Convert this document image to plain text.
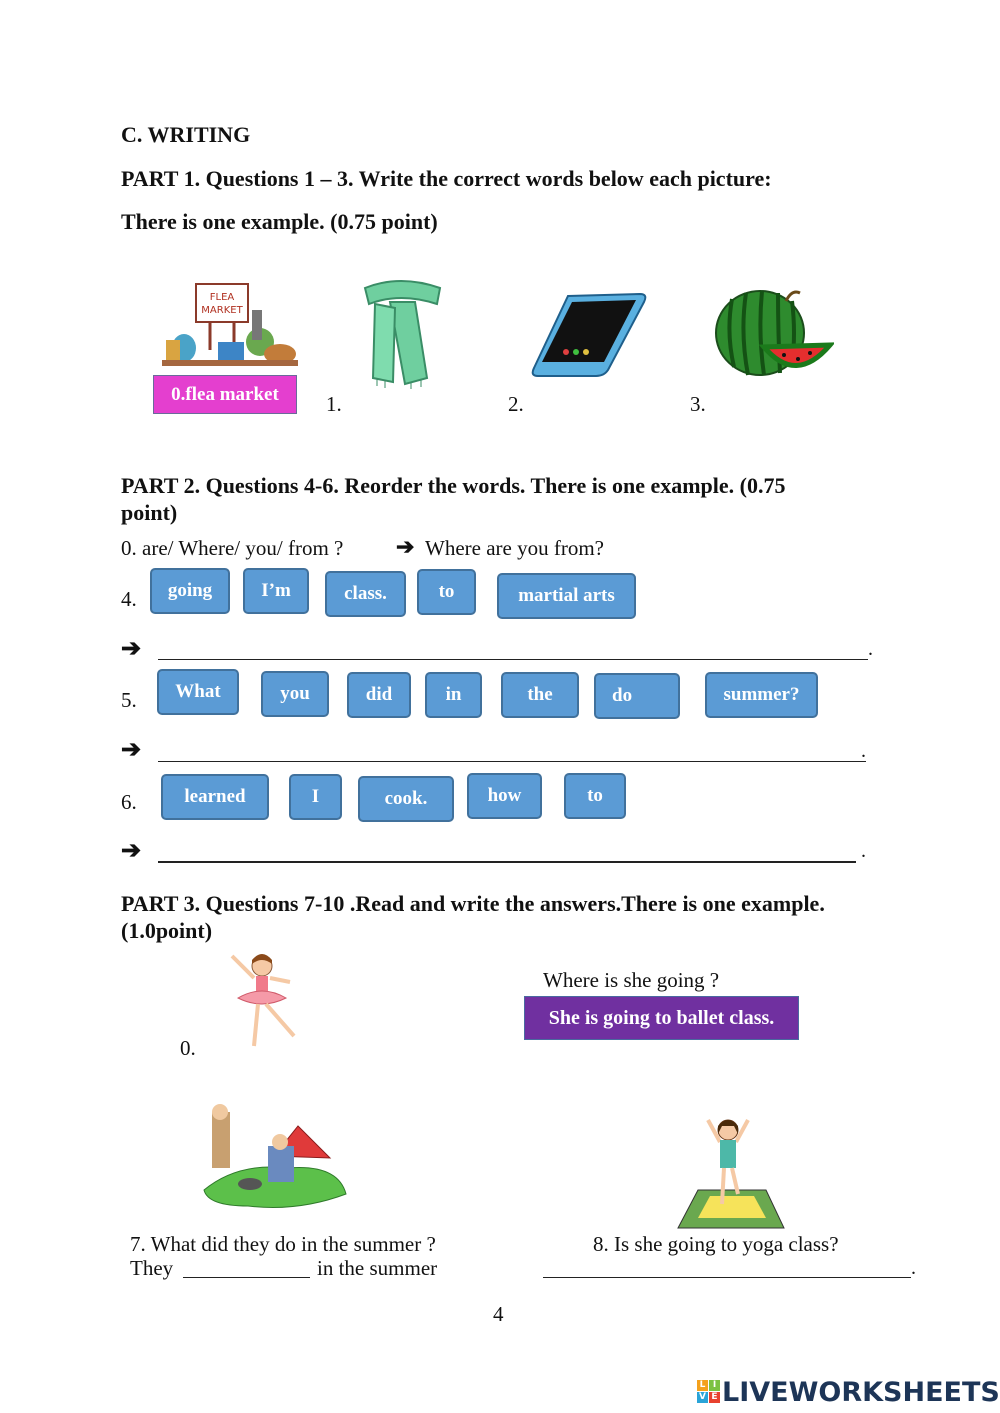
C. WRITING
PART 1. Questions 1 – 3. Write the correct words below each picture:
There is one example. (0.75 point)
FLEA
MARKET
0.flea market	1.	2.	3.
PART 2. Questions 4-6. Reorder the words. There is one example. (0.75
point)
0. are/ Where/ you/ from ? ➔ Where are you from?
4.	going	I’m	class.	to	martial arts
➔	.
5.	What	you	did	in	the	do	summer?
➔	.
6.	learned	I	cook.	how	to
➔	.
PART 3. Questions 7-10 .Read and write the answers.There is one example.
(1.0point)
0.
Where is she going ?
She is going to ballet class.
7. What did they do in the summer ?
They	in the summer
8. Is she going to yoga class?
.
4
L I
V E LIVEWORKSHEETS
